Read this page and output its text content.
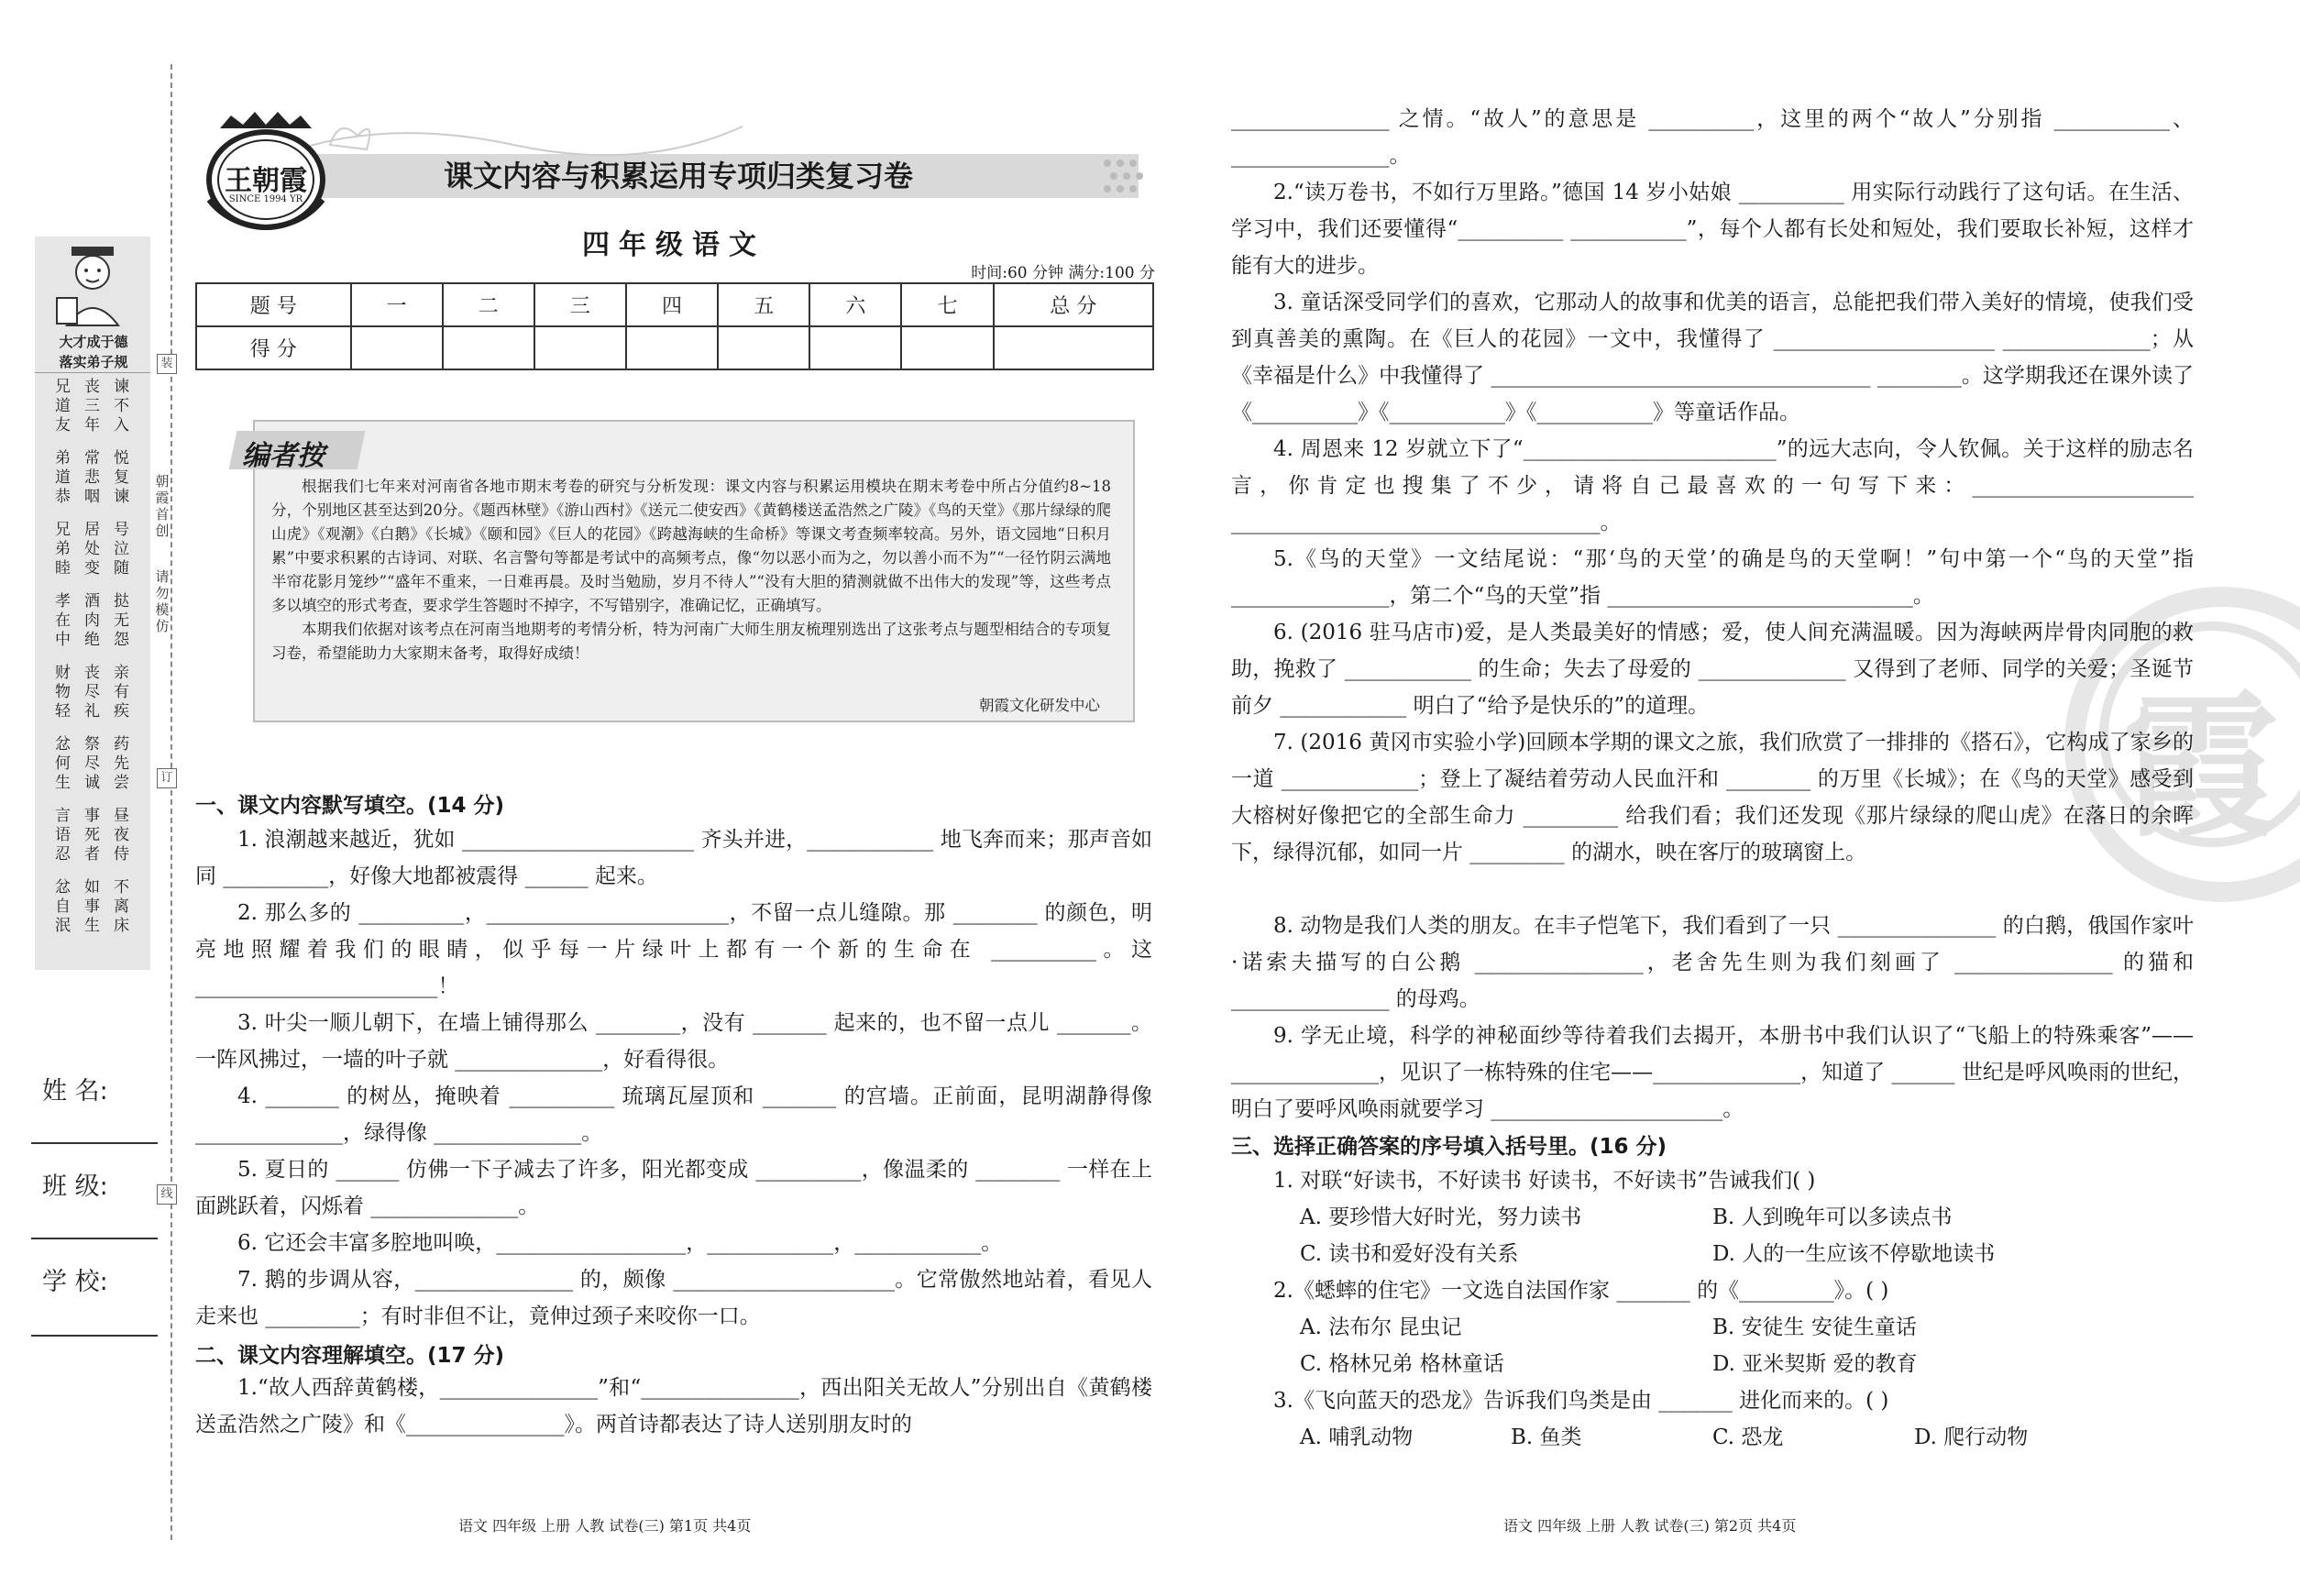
大才成于德
落实弟子规
兄道友
丧三年
谏不入
弟道恭
常悲咽
悦复谏
兄弟睦
居处变
号泣随
孝在中
酒肉绝
挞无怨
财物轻
丧尽礼
亲有疾
忿何生
祭尽诚
药先尝
言语忍
事死者
昼夜侍
忿自泯
如事生
不离床
姓 名:
班 级:
学 校:
装
朝霞首创
请勿模仿
订
线
王朝霞
SINCE 1994 YR
课文内容与积累运用专项归类复习卷
四年级语文
时间:60 分钟 满分:100 分
题 号	一	二	三	四	五	六	七	总 分
得 分								
编者按
根据我们七年来对河南省各地市期末考卷的研究与分析发现：课文内容与积累运用模块在期末考卷中所占分值约8~18分，个别地区甚至达到20分。《题西林壁》《游山西村》《送元二使安西》《黄鹤楼送孟浩然之广陵》《鸟的天堂》《那片绿绿的爬山虎》《观潮》《白鹅》《长城》《颐和园》《巨人的花园》《跨越海峡的生命桥》等课文考查频率较高。另外，语文园地“日积月累”中要求积累的古诗词、对联、名言警句等都是考试中的高频考点，像“勿以恶小而为之，勿以善小而不为”“一径竹阴云满地 半帘花影月笼纱”“盛年不重来，一日难再晨。及时当勉励，岁月不待人”“没有大胆的猜测就做不出伟大的发现”等，这些考点多以填空的形式考查，要求学生答题时不掉字，不写错别字，准确记忆，正确填写。
本期我们依据对该考点在河南当地期考的考情分析，特为河南广大师生朋友梳理别选出了这张考点与题型相结合的专项复习卷，希望能助力大家期末备考，取得好成绩！
朝霞文化研发中心
一、课文内容默写填空。(14 分)
1. 浪潮越来越近，犹如 ______________________ 齐头并进，____________ 地飞奔而来；那声音如同 __________，好像大地都被震得 ______ 起来。
2. 那么多的 __________，_______________________，不留一点儿缝隙。那 ________ 的颜色，明亮地照耀着我们的眼睛，似乎每一片绿叶上都有一个新的生命在 __________。这 _______________________！
3. 叶尖一顺儿朝下，在墙上铺得那么 ________，没有 _______ 起来的，也不留一点儿 _______。一阵风拂过，一墙的叶子就 ______________，好看得很。
4. _______ 的树丛，掩映着 __________ 琉璃瓦屋顶和 _______ 的宫墙。正前面，昆明湖静得像 ______________，绿得像 ______________。
5. 夏日的 ______ 仿佛一下子减去了许多，阳光都变成 __________，像温柔的 ________ 一样在上面跳跃着，闪烁着 ______________。
6. 它还会丰富多腔地叫唤，__________________，____________，____________。
7. 鹅的步调从容，_______________ 的，颇像 _____________________。它常傲然地站着，看见人走来也 _________；有时非但不让，竟伸过颈子来咬你一口。
二、课文内容理解填空。(17 分)
1.“故人西辞黄鹤楼，_______________”和“_______________，西出阳关无故人”分别出自《黄鹤楼送孟浩然之广陵》和《_______________》。两首诗都表达了诗人送别朋友时的
语文 四年级 上册 人教 试卷(三) 第1页 共4页
霞
_______________ 之情。“故人”的意思是 __________，这里的两个“故人”分别指 ___________、_______________。
2.“读万卷书，不如行万里路。”德国 14 岁小姑娘 __________ 用实际行动践行了这句话。在生活、学习中，我们还要懂得“__________ ___________”，每个人都有长处和短处，我们要取长补短，这样才能有大的进步。
3. 童话深受同学们的喜欢，它那动人的故事和优美的语言，总能把我们带入美好的情境，使我们受到真善美的熏陶。在《巨人的花园》一文中，我懂得了 _____________________ ______________；从《幸福是什么》中我懂得了 ____________________________________ ________。这学期我还在课外读了《__________》《___________》《___________》等童话作品。
4. 周恩来 12 岁就立下了“________________________”的远大志向，令人钦佩。关于这样的励志名言，你肯定也搜集了不少，请将自己最喜欢的一句写下来：_____________________ ___________________________________。
5.《鸟的天堂》一文结尾说：“那‘鸟的天堂’的确是鸟的天堂啊！”句中第一个“鸟的天堂”指 _______________，第二个“鸟的天堂”指 _____________________________。
6. (2016 驻马店市)爱，是人类最美好的情感；爱，使人间充满温暖。因为海峡两岸骨肉同胞的救助，挽救了 ____________ 的生命；失去了母爱的 ______________ 又得到了老师、同学的关爱；圣诞节前夕 ____________ 明白了“给予是快乐的”的道理。
7. (2016 黄冈市实验小学)回顾本学期的课文之旅，我们欣赏了一排排的《搭石》，它构成了家乡的一道 _____________；登上了凝结着劳动人民血汗和 ________ 的万里《长城》；在《鸟的天堂》感受到大榕树好像把它的全部生命力 _________ 给我们看；我们还发现《那片绿绿的爬山虎》在落日的余晖下，绿得沉郁，如同一片 _________ 的湖水，映在客厅的玻璃窗上。
8. 动物是我们人类的朋友。在丰子恺笔下，我们看到了一只 _______________ 的白鹅，俄国作家叶·诺索夫描写的白公鹅 ________________，老舍先生则为我们刻画了 _______________ 的猫和 _______________ 的母鸡。
9. 学无止境，科学的神秘面纱等待着我们去揭开，本册书中我们认识了“飞船上的特殊乘客”——______________，见识了一栋特殊的住宅——______________，知道了 ______ 世纪是呼风唤雨的世纪，明白了要呼风唤雨就要学习 ______________________。
三、选择正确答案的序号填入括号里。(16 分)
1. 对联“好读书，不好读书 好读书，不好读书”告诫我们( )
A. 要珍惜大好时光，努力读书	B. 人到晚年可以多读点书
C. 读书和爱好没有关系	D. 人的一生应该不停歇地读书
2.《蟋蟀的住宅》一文选自法国作家 _______ 的《_________》。( )
A. 法布尔 昆虫记	B. 安徒生 安徒生童话
C. 格林兄弟 格林童话	D. 亚米契斯 爱的教育
3.《飞向蓝天的恐龙》告诉我们鸟类是由 _______ 进化而来的。( )
A. 哺乳动物	B. 鱼类	C. 恐龙	D. 爬行动物
语文 四年级 上册 人教 试卷(三) 第2页 共4页
